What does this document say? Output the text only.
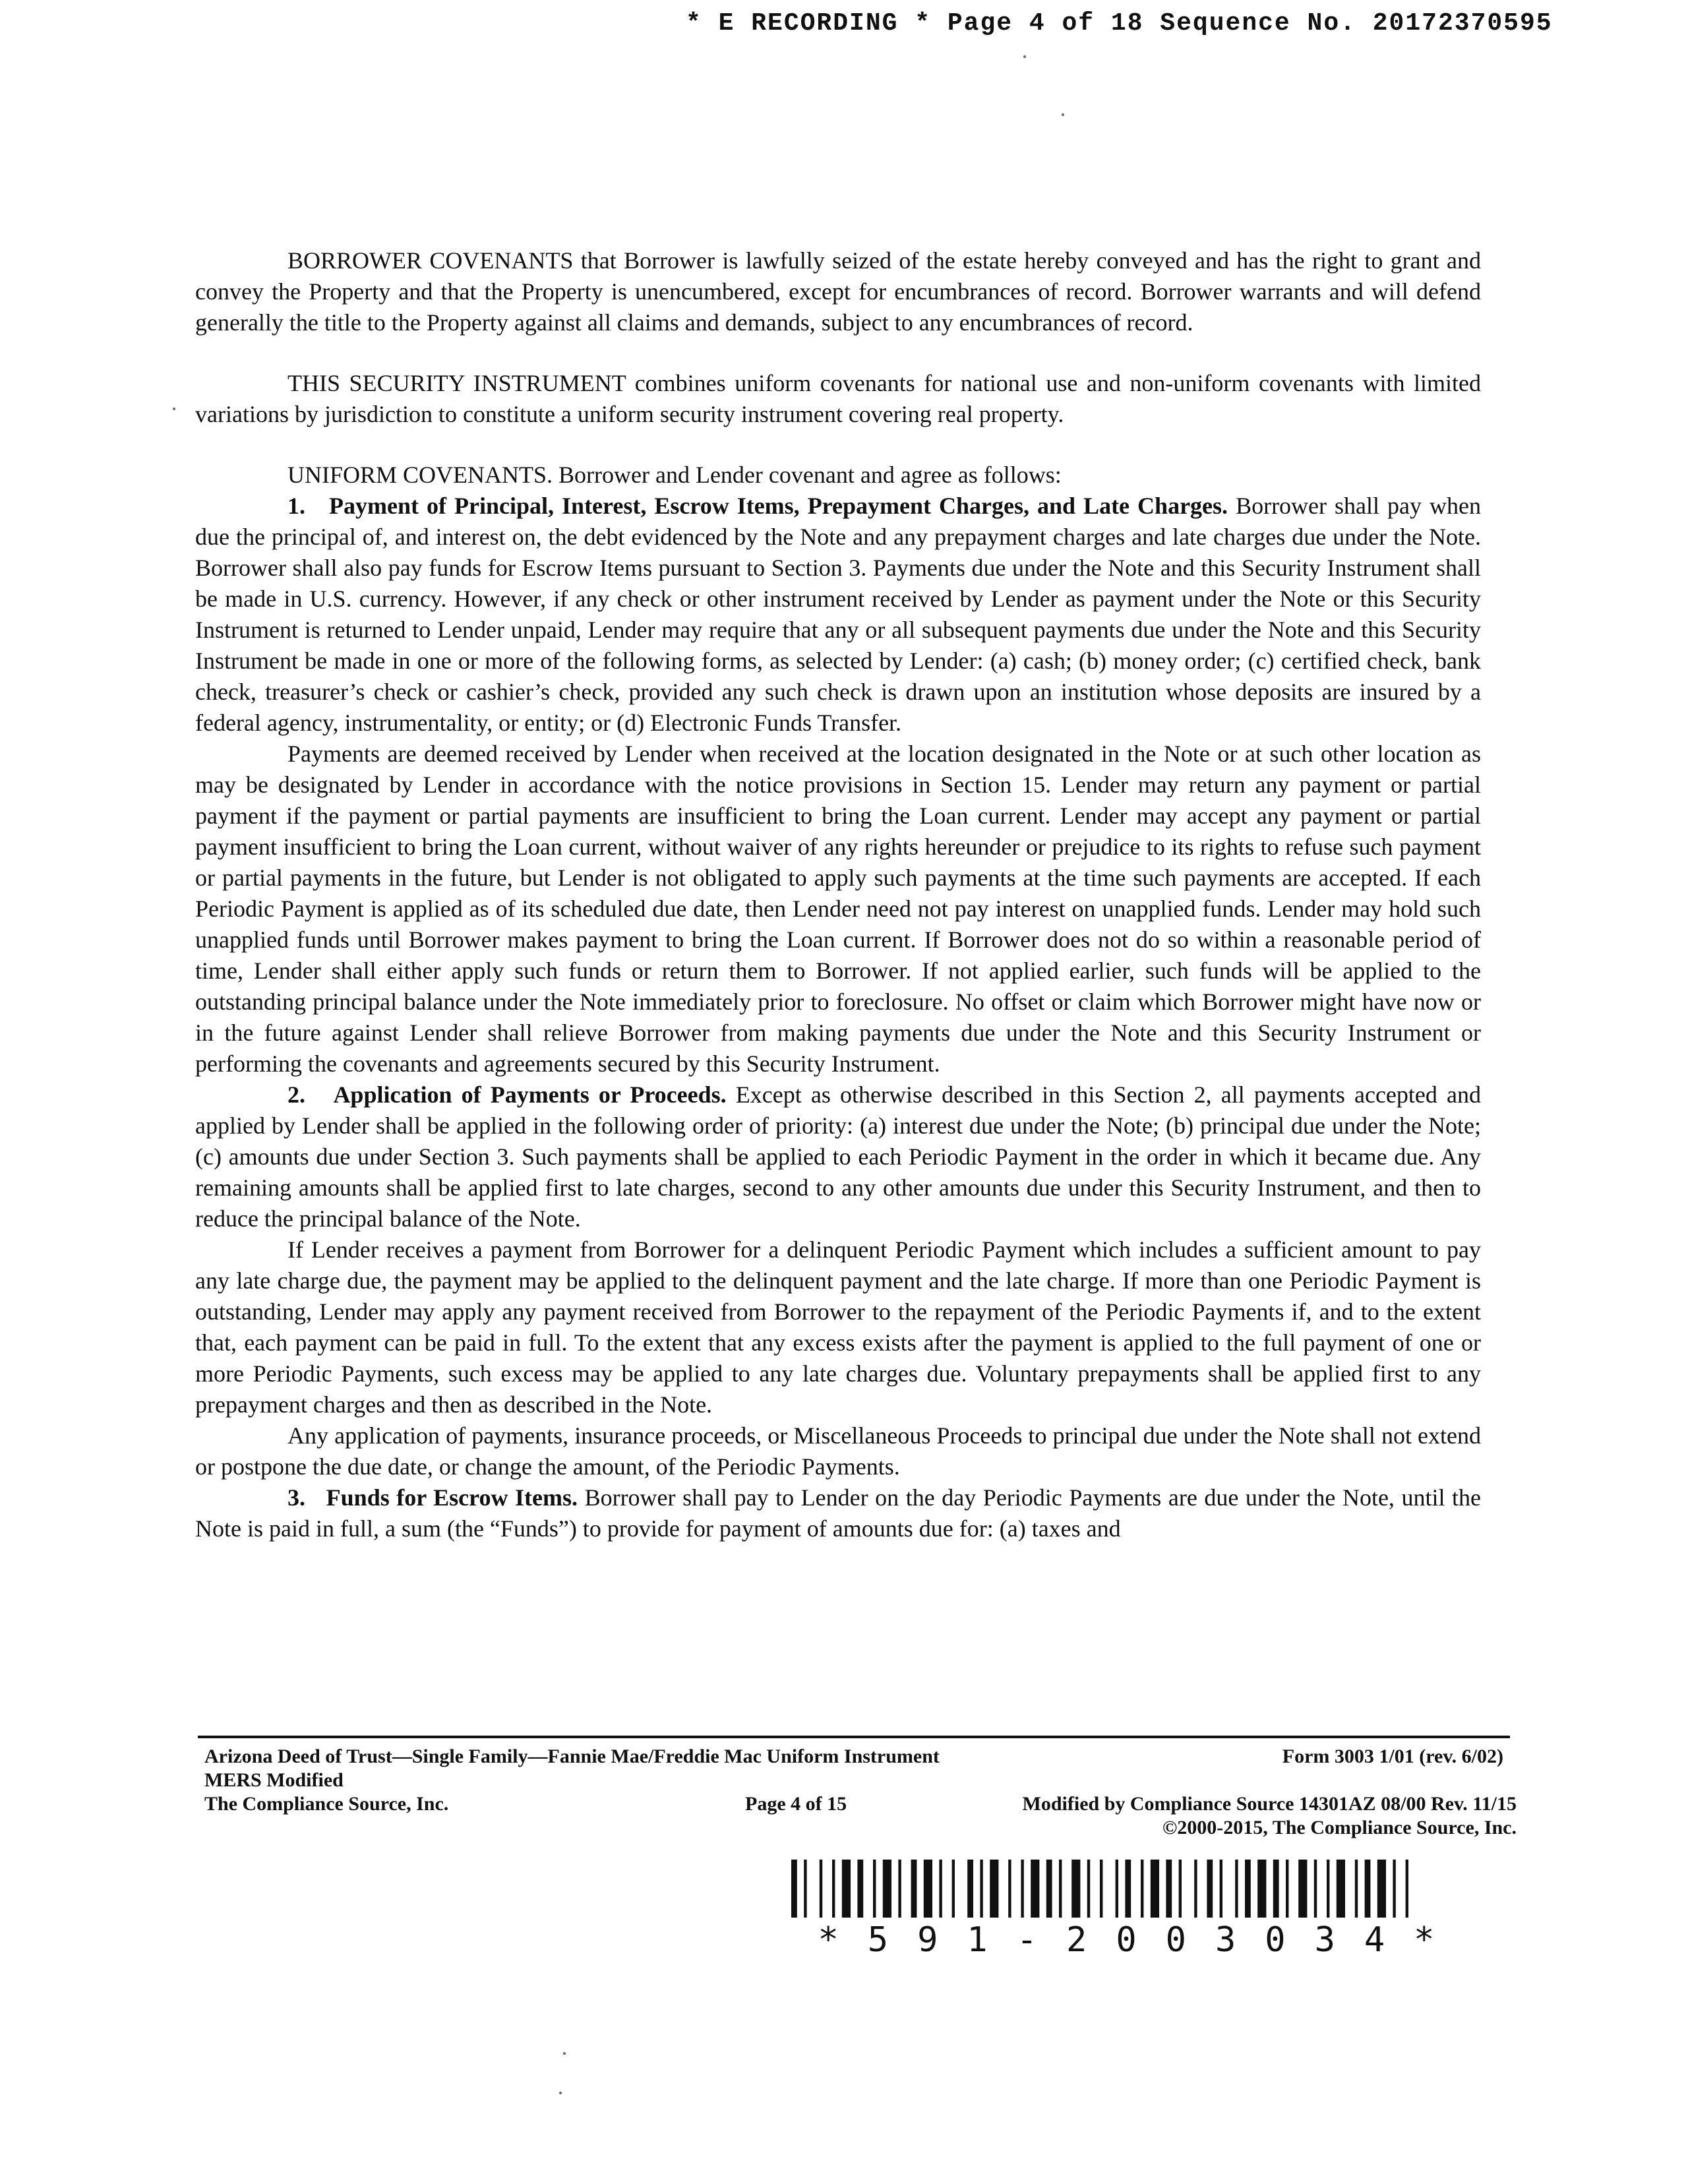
* E RECORDING * Page 4 of 18 Sequence No. 20172370595

BORROWER COVENANTS that Borrower is lawfully seized of the estate hereby conveyed and has the right to grant and convey the Property and that the Property is unencumbered, except for encumbrances of record. Borrower warrants and will defend generally the title to the Property against all claims and demands, subject to any encumbrances of record.

THIS SECURITY INSTRUMENT combines uniform covenants for national use and non-uniform covenants with limited variations by jurisdiction to constitute a uniform security instrument covering real property.

UNIFORM COVENANTS. Borrower and Lender covenant and agree as follows:

1. Payment of Principal, Interest, Escrow Items, Prepayment Charges, and Late Charges. Borrower shall pay when due the principal of, and interest on, the debt evidenced by the Note and any prepayment charges and late charges due under the Note. Borrower shall also pay funds for Escrow Items pursuant to Section 3. Payments due under the Note and this Security Instrument shall be made in U.S. currency. However, if any check or other instrument received by Lender as payment under the Note or this Security Instrument is returned to Lender unpaid, Lender may require that any or all subsequent payments due under the Note and this Security Instrument be made in one or more of the following forms, as selected by Lender: (a) cash; (b) money order; (c) certified check, bank check, treasurer’s check or cashier’s check, provided any such check is drawn upon an institution whose deposits are insured by a federal agency, instrumentality, or entity; or (d) Electronic Funds Transfer.

Payments are deemed received by Lender when received at the location designated in the Note or at such other location as may be designated by Lender in accordance with the notice provisions in Section 15. Lender may return any payment or partial payment if the payment or partial payments are insufficient to bring the Loan current. Lender may accept any payment or partial payment insufficient to bring the Loan current, without waiver of any rights hereunder or prejudice to its rights to refuse such payment or partial payments in the future, but Lender is not obligated to apply such payments at the time such payments are accepted. If each Periodic Payment is applied as of its scheduled due date, then Lender need not pay interest on unapplied funds. Lender may hold such unapplied funds until Borrower makes payment to bring the Loan current. If Borrower does not do so within a reasonable period of time, Lender shall either apply such funds or return them to Borrower. If not applied earlier, such funds will be applied to the outstanding principal balance under the Note immediately prior to foreclosure. No offset or claim which Borrower might have now or in the future against Lender shall relieve Borrower from making payments due under the Note and this Security Instrument or performing the covenants and agreements secured by this Security Instrument.

2. Application of Payments or Proceeds. Except as otherwise described in this Section 2, all payments accepted and applied by Lender shall be applied in the following order of priority: (a) interest due under the Note; (b) principal due under the Note; (c) amounts due under Section 3. Such payments shall be applied to each Periodic Payment in the order in which it became due. Any remaining amounts shall be applied first to late charges, second to any other amounts due under this Security Instrument, and then to reduce the principal balance of the Note.

If Lender receives a payment from Borrower for a delinquent Periodic Payment which includes a sufficient amount to pay any late charge due, the payment may be applied to the delinquent payment and the late charge. If more than one Periodic Payment is outstanding, Lender may apply any payment received from Borrower to the repayment of the Periodic Payments if, and to the extent that, each payment can be paid in full. To the extent that any excess exists after the payment is applied to the full payment of one or more Periodic Payments, such excess may be applied to any late charges due. Voluntary prepayments shall be applied first to any prepayment charges and then as described in the Note.

Any application of payments, insurance proceeds, or Miscellaneous Proceeds to principal due under the Note shall not extend or postpone the due date, or change the amount, of the Periodic Payments.

3. Funds for Escrow Items. Borrower shall pay to Lender on the day Periodic Payments are due under the Note, until the Note is paid in full, a sum (the “Funds”) to provide for payment of amounts due for: (a) taxes and

Arizona Deed of Trust—Single Family—Fannie Mae/Freddie Mac Uniform Instrument
MERS Modified
The Compliance Source, Inc.
Form 3003 1/01 (rev. 6/02)
Page 4 of 15	Modified by Compliance Source 14301AZ 08/00 Rev. 11/15
©2000-2015, The Compliance Source, Inc.
*591-2003034*
